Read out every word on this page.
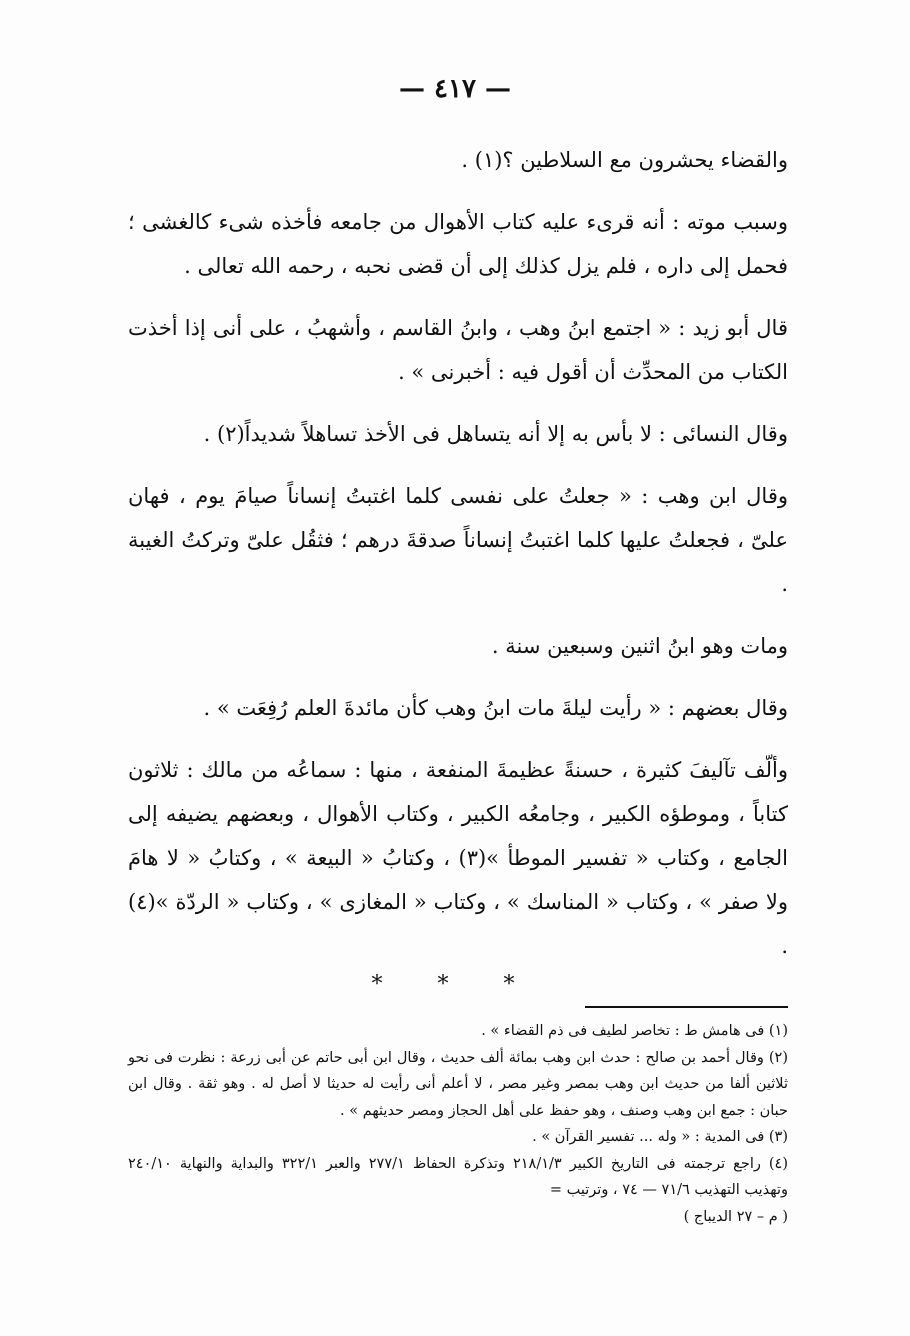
— ٤١٧ —

والقضاء يحشرون مع السلاطين ؟(١) .

وسبب موته : أنه قرىء عليه كتاب الأهوال من جامعه فأخذه شىء كالغشى ؛ فحمل إلى داره ، فلم يزل كذلك إلى أن قضى نحبه ، رحمه الله تعالى .

قال أبو زيد : « اجتمع ابنُ وهب ، وابنُ القاسم ، وأشهبُ ، على أنى إذا أخذت الكتاب من المحدِّث أن أقول فيه : أخبرنى » .

وقال النسائى : لا بأس به إلا أنه يتساهل فى الأخذ تساهلاً شديداً(٢) .

وقال ابن وهب : « جعلتُ على نفسى كلما اغتبتُ إنساناً صيامَ يوم ، فهان علىّ ، فجعلتُ عليها كلما اغتبتُ إنساناً صدقةَ درهم ؛ فثقُل علىّ وتركتُ الغيبة .

ومات وهو ابنُ اثنين وسبعين سنة .

وقال بعضهم : « رأيت ليلةَ مات ابنُ وهب كأن مائدةَ العلم رُفِعَت » .

وألّف تآليفَ كثيرة ، حسنةً عظيمةَ المنفعة ، منها : سماعُه من مالك : ثلاثون كتاباً ، وموطؤه الكبير ، وجامعُه الكبير ، وكتاب الأهوال ، وبعضهم يضيفه إلى الجامع ، وكتاب « تفسير الموطأ »(٣) ، وكتابُ « البيعة » ، وكتابُ « لا هامَ ولا صفر » ، وكتاب « المناسك » ، وكتاب « المغازى » ، وكتاب « الردّة »(٤) .

* * *

(١) فى هامش ط : تخاصر لطيف فى ذم القضاء » .

(٢) وقال أحمد بن صالح : حدث ابن وهب بمائة ألف حديث ، وقال ابن أبى حاتم عن أبى زرعة : نظرت فى نحو ثلاثين ألفا من حديث ابن وهب بمصر وغير مصر ، لا أعلم أنى رأيت له حديثا لا أصل له . وهو ثقة . وقال ابن حبان : جمع ابن وهب وصنف ، وهو حفظ على أهل الحجاز ومصر حديثهم » .

(٣) فى المدية : « وله ... تفسير القرآن » .

(٤) راجع ترجمته فى التاريخ الكبير ٢١٨/١/٣ وتذكرة الحفاظ ٢٧٧/١ والعبر ٣٢٢/١ والبداية والنهاية ٢٤٠/١٠ وتهذيب التهذيب ٧١/٦ — ٧٤ ، وترتيب =

( م – ٢٧ الديباج )
